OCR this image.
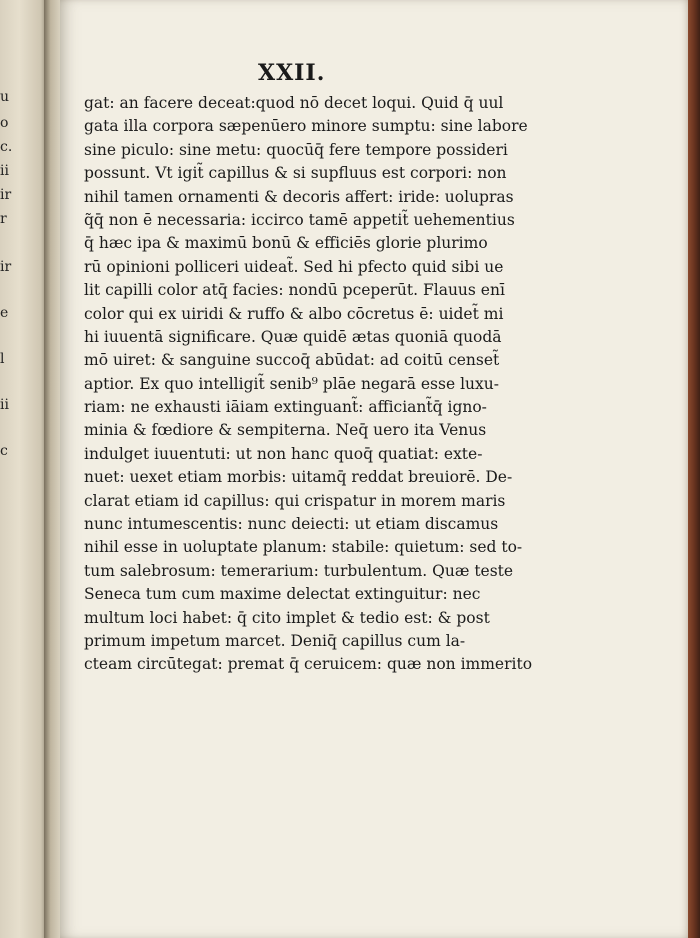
u
o
c.
ii
ir
r
ir
e
l
ii
c
XXII.
gat: an facere deceat:quod nō decet loqui. Quid q̄ uul
gata illa corpora sæpenūero minore sumptu: sine labore
sine piculo: sine metu: quocūq̄ fere tempore possideri
possunt. Vt igit̃ capillus & si supfluus est corpori: non
nihil tamen ornamenti & decoris affert: iride: uolupras
q̃q̄ non ē necessaria: iccirco tamē appetit̃ uehementius
q̄ hæc ipa & maximū bonū & efficiēs glorie plurimo
rū opinioni polliceri uideat̃. Sed hi pfecto quid sibi ue
lit capilli color atq̄ facies: nondū pceperūt. Flauus enī
color qui ex uiridi & ruffo & albo cōcretus ē: uidet̃ mi
hi iuuentā significare. Quæ quidē ætas quoniā quodā
mō uiret: & sanguine succoq̄ abūdat: ad coitū censet̃
aptior. Ex quo intelligit̃ senib⁹ plāe negarā esse luxu-
riam: ne exhausti iāiam extinguant̃: afficiant̃q̄ igno-
minia & fœdiore & sempiterna. Neq̄ uero ita Venus
indulget iuuentuti: ut non hanc quoq̄ quatiat: exte-
nuet: uexet etiam morbis: uitamq̄ reddat breuiorē. De-
clarat etiam id capillus: qui crispatur in morem maris
nunc intumescentis: nunc deiecti: ut etiam discamus
nihil esse in uoluptate planum: stabile: quietum: sed to-
tum salebrosum: temerarium: turbulentum. Quæ teste
Seneca tum cum maxime delectat extinguitur: nec
multum loci habet: q̄ cito implet & tedio est: & post
primum impetum marcet. Deniq̄ capillus cum la-
cteam circūtegat: premat q̄ ceruicem: quæ non immerito
